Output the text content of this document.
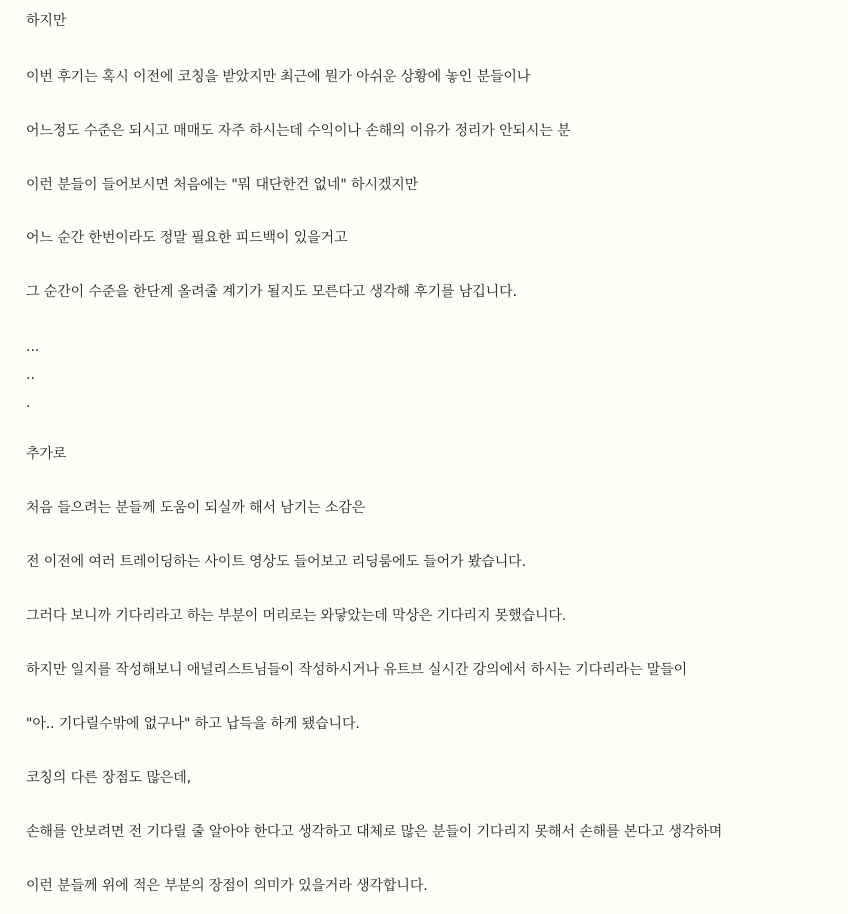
하지만
이번 후기는 혹시 이전에 코칭을 받았지만 최근에 뭔가 아쉬운 상황에 놓인 분들이나
어느정도 수준은 되시고 매매도 자주 하시는데 수익이나 손해의 이유가 정리가 안되시는 분
이런 분들이 들어보시면 처음에는 "뭐 대단한건 없네" 하시겠지만
어느 순간 한번이라도 정말 필요한 피드백이 있을거고
그 순간이 수준을 한단계 올려줄 계기가 될지도 모른다고 생각해 후기를 남깁니다.
...
..
.
추가로
처음 들으려는 분들께 도움이 되실까 해서 남기는 소감은
전 이전에 여러 트레이딩하는 사이트 영상도 들어보고 리딩룸에도 들어가 봤습니다.
그러다 보니까 기다리라고 하는 부분이 머리로는 와닿았는데 막상은 기다리지 못했습니다.
하지만 일지를 작성해보니 애널리스트님들이 작성하시거나 유트브 실시간 강의에서 하시는 기다리라는 말들이
"아.. 기다릴수밖에 없구나" 하고 납득을 하게 됐습니다.
코칭의 다른 장점도 많은데,
손해를 안보려면 전 기다릴 줄 알아야 한다고 생각하고 대체로 많은 분들이 기다리지 못해서 손해를 본다고 생각하며
이런 분들께 위에 적은 부분의 장점이 의미가 있을거라 생각합니다.
